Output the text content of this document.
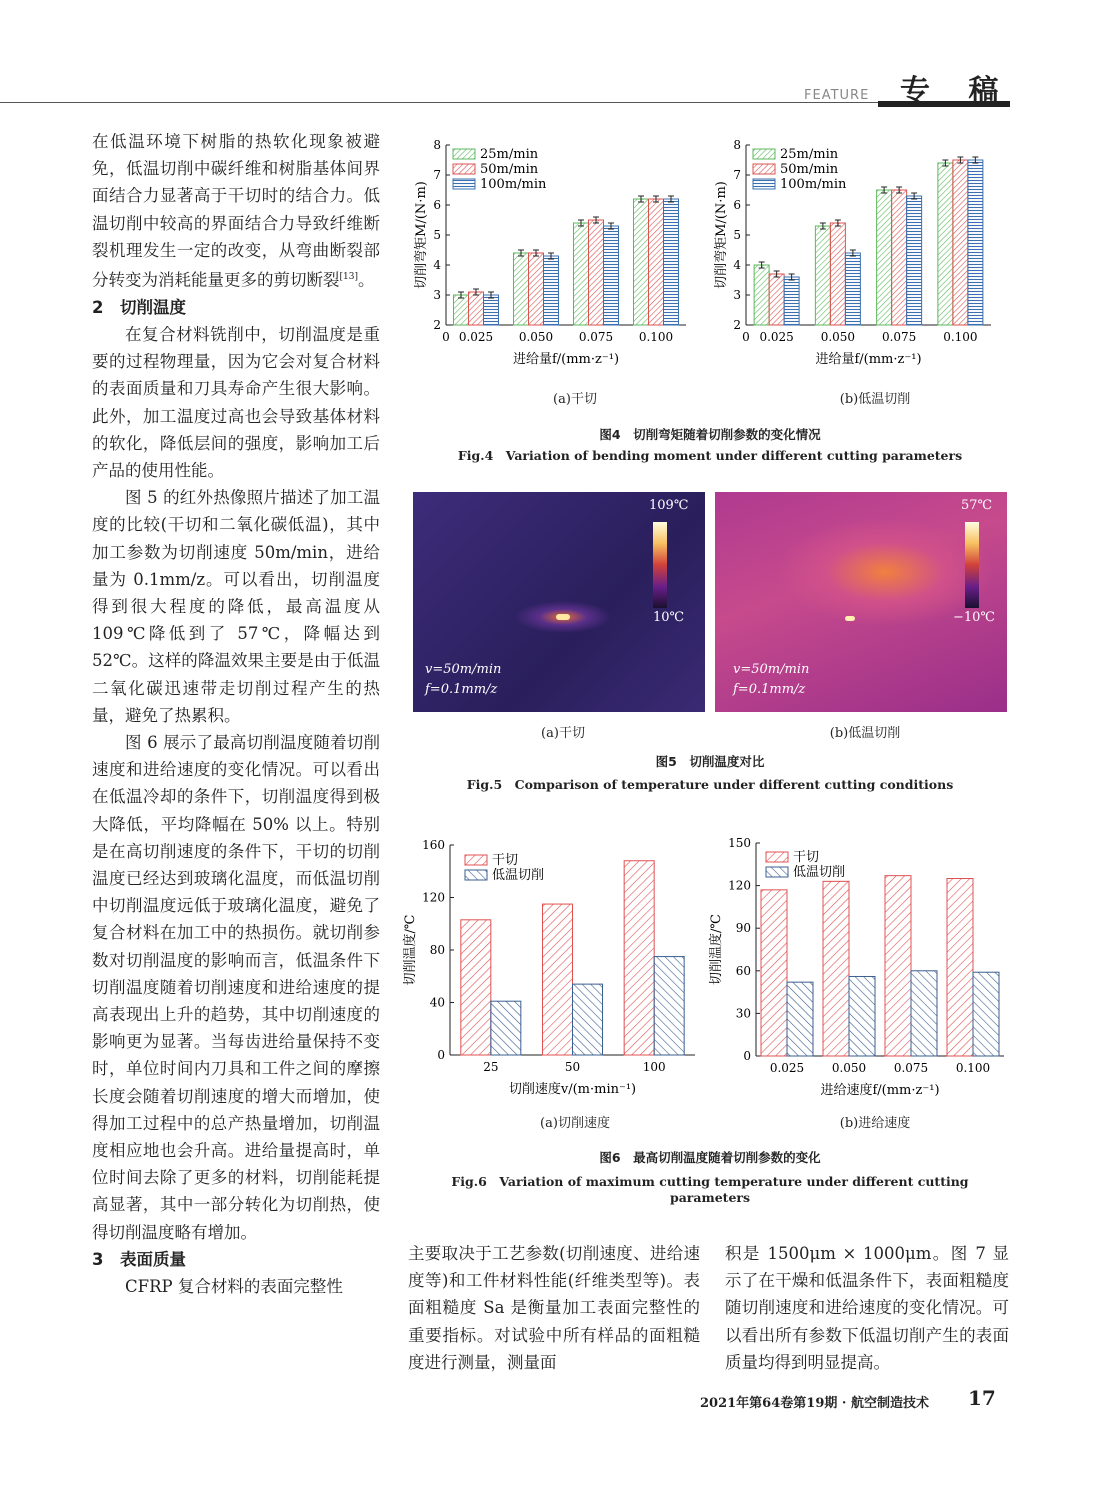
FEATURE 专 稿

在低温环境下树脂的热软化现象被避免，低温切削中碳纤维和树脂基体间界面结合力显著高于干切时的结合力。低温切削中较高的界面结合力导致纤维断裂机理发生一定的改变，从弯曲断裂部分转变为消耗能量更多的剪切断裂[13]。

2　切削温度

在复合材料铣削中，切削温度是重要的过程物理量，因为它会对复合材料的表面质量和刀具寿命产生很大影响。此外，加工温度过高也会导致基体材料的软化，降低层间的强度，影响加工后产品的使用性能。

图 5 的红外热像照片描述了加工温度的比较(干切和二氧化碳低温)，其中加工参数为切削速度 50m/min，进给量为 0.1mm/z。可以看出，切削温度得到很大程度的降低，最高温度从 109℃降低到了 57℃，降幅达到 52℃。这样的降温效果主要是由于低温二氧化碳迅速带走切削过程产生的热量，避免了热累积。

图 6 展示了最高切削温度随着切削速度和进给速度的变化情况。可以看出在低温冷却的条件下，切削温度得到极大降低，平均降幅在 50% 以上。特别是在高切削速度的条件下，干切的切削温度已经达到玻璃化温度，而低温切削中切削温度远低于玻璃化温度，避免了复合材料在加工中的热损伤。就切削参数对切削温度的影响而言，低温条件下切削温度随着切削速度和进给速度的提高表现出上升的趋势，其中切削速度的影响更为显著。当每齿进给量保持不变时，单位时间内刀具和工件之间的摩擦长度会随着切削速度的增大而增加，使得加工过程中的总产热量增加，切削温度相应地也会升高。进给量提高时，单位时间去除了更多的材料，切削能耗提高显著，其中一部分转化为切削热，使得切削温度略有增加。

3　表面质量

CFRP 复合材料的表面完整性

主要取决于工艺参数(切削速度、进给速度等)和工件材料性能(纤维类型等)。表面粗糙度 Sa 是衡量加工表面完整性的重要指标。对试验中所有样品的面粗糙度进行测量，测量面

积是 1500μm × 1000μm。图 7 显示了在干燥和低温条件下，表面粗糙度随切削速度和进给速度的变化情况。可以看出所有参数下低温切削产生的表面质量均得到明显提高。

2
3
4
5
6
7
8
0 0.025 0.050 0.075 0.100
25m/min
50m/min
100m/min
进给量f/(mm·z⁻¹)
切削弯矩M/(N·m)
2
3
4
5
6
7
8
0 0.025 0.050 0.075 0.100
25m/min
50m/min
100m/min
进给量f/(mm·z⁻¹)
切削弯矩M/(N·m)
(a)干切	(b)低温切削
图4　切削弯矩随着切削参数的变化情况
Fig.4　Variation of bending moment under different cutting parameters
109℃
10℃
v=50m/min
f=0.1mm/z
57℃
−10℃
v=50m/min
f=0.1mm/z
(a)干切	(b)低温切削
图5　切削温度对比
Fig.5　Comparison of temperature under different cutting conditions
0
40
80
120
160
25	50	100
干切
低温切削
切削速度v/(m·min⁻¹)
切削温度/℃
0
30
60
90
120
150
0.025 0.050 0.075 0.100
干切
低温切削
进给速度f/(mm·z⁻¹)
切削温度/℃
(a)切削速度	(b)进给速度
图6　最高切削温度随着切削参数的变化
Fig.6　Variation of maximum cutting temperature under different cutting parameters
2021年第64卷第19期 · 航空制造技术 17
